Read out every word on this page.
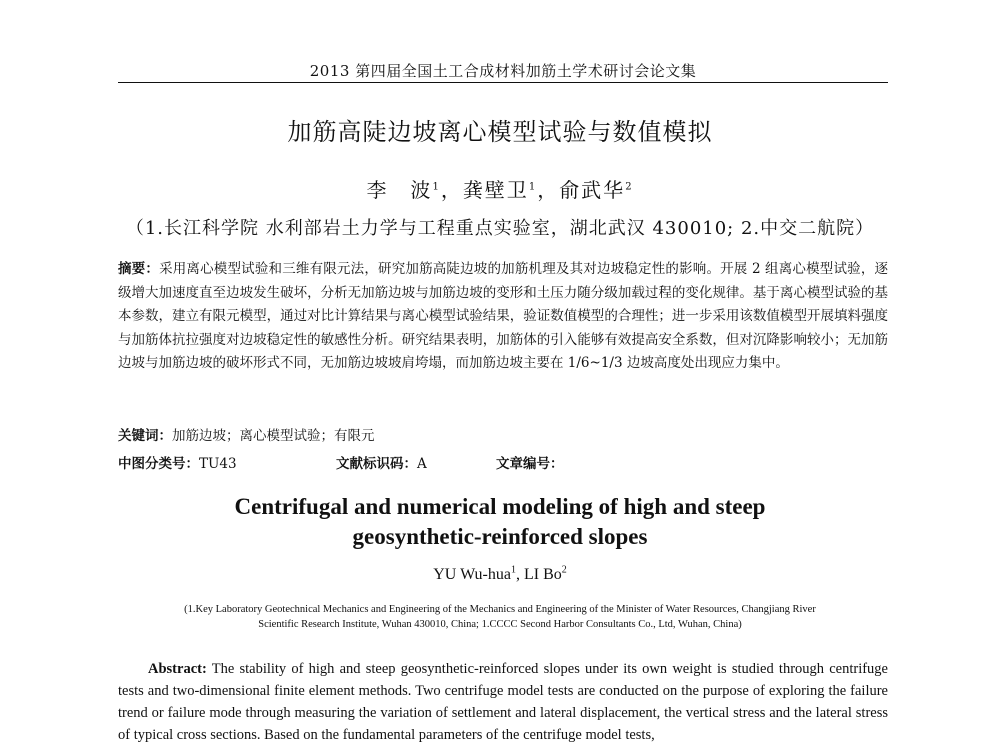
2013 第四届全国土工合成材料加筋土学术研讨会论文集
加筋高陡边坡离心模型试验与数值模拟
李　波$^1$，龚壁卫$^1$，俞武华$^2$
（1.长江科学院 水利部岩土力学与工程重点实验室，湖北武汉 430010; 2.中交二航院）
摘要：采用离心模型试验和三维有限元法，研究加筋高陡边坡的加筋机理及其对边坡稳定性的影响。开展 2 组离心模型试验，逐级增大加速度直至边坡发生破坏，分析无加筋边坡与加筋边坡的变形和土压力随分级加载过程的变化规律。基于离心模型试验的基本参数，建立有限元模型，通过对比计算结果与离心模型试验结果，验证数值模型的合理性；进一步采用该数值模型开展填料强度与加筋体抗拉强度对边坡稳定性的敏感性分析。研究结果表明，加筋体的引入能够有效提高安全系数，但对沉降影响较小；无加筋边坡与加筋边坡的破坏形式不同，无加筋边坡坡肩垮塌，而加筋边坡主要在 1/6~1/3 边坡高度处出现应力集中。
关键词：加筋边坡；离心模型试验；有限元
中图分类号：TU43	文献标识码：A	文章编号：
Centrifugal and numerical modeling of high and steep
geosynthetic-reinforced slopes
YU Wu-hua$^1$, LI Bo$^2$
(1.Key Laboratory Geotechnical Mechanics and Engineering of the Mechanics and Engineering of the Minister of Water Resources, Changjiang River Scientific Research Institute, Wuhan 430010, China; 1.CCCC Second Harbor Consultants Co., Ltd, Wuhan, China)
Abstract: The stability of high and steep geosynthetic-reinforced slopes under its own weight is studied through centrifuge tests and two-dimensional finite element methods. Two centrifuge model tests are conducted on the purpose of exploring the failure trend or failure mode through measuring the variation of settlement and lateral displacement, the vertical stress and the lateral stress of typical cross sections. Based on the fundamental parameters of the centrifuge model tests,
